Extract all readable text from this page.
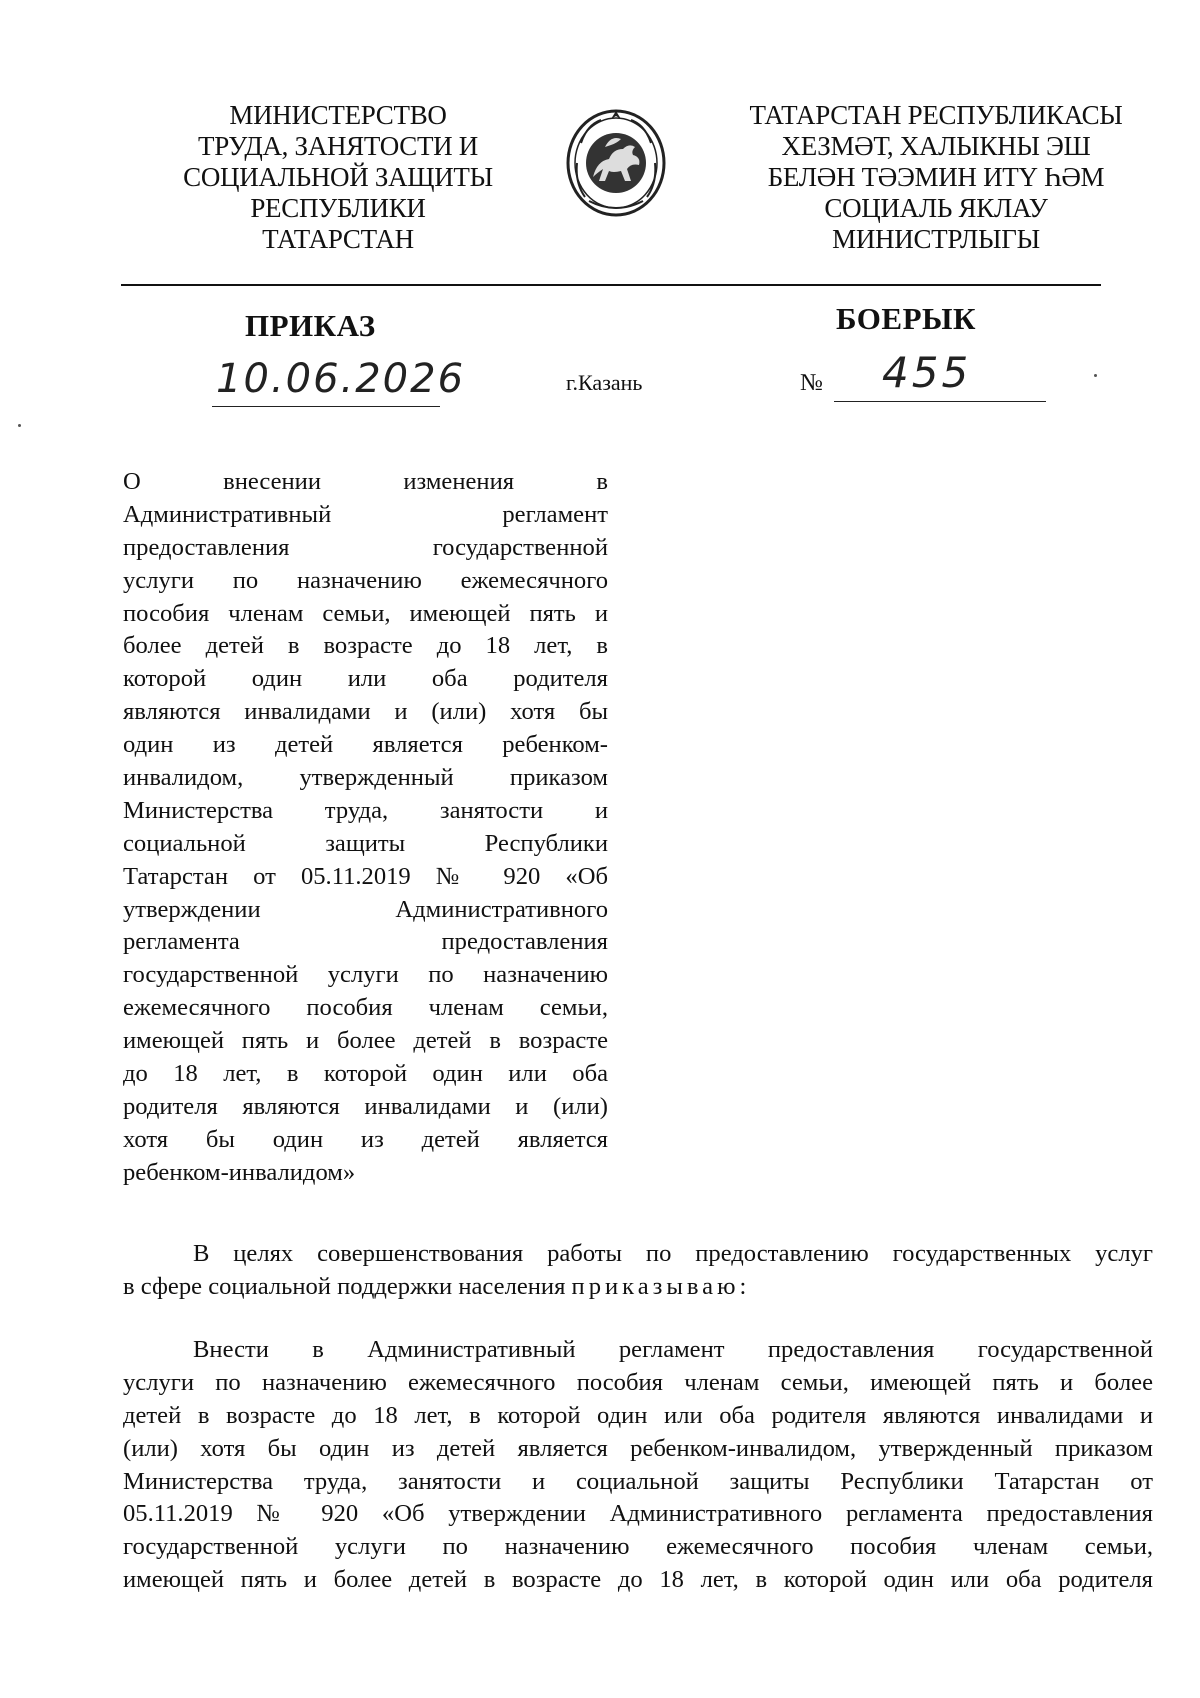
МИНИСТЕРСТВО
ТРУДА, ЗАНЯТОСТИ И
СОЦИАЛЬНОЙ ЗАЩИТЫ
РЕСПУБЛИКИ
ТАТАРСТАН
ТАТАРСТАН РЕСПУБЛИКАСЫ
ХЕЗМӘТ, ХАЛЫКНЫ ЭШ
БЕЛӘН ТӘЭМИН ИТҮ ҺӘМ
СОЦИАЛЬ ЯКЛАУ
МИНИСТРЛЫГЫ
ПРИКАЗ	БОЕРЫК
10.06.2026	г.Казань	№ 455
О внесении изменения в
Административный регламент
предоставления государственной
услуги по назначению ежемесячного
пособия членам семьи, имеющей пять и
более детей в возрасте до 18 лет, в
которой один или оба родителя
являются инвалидами и (или) хотя бы
один из детей является ребенком-
инвалидом, утвержденный приказом
Министерства труда, занятости и
социальной защиты Республики
Татарстан от 05.11.2019 № 920 «Об
утверждении Административного
регламента предоставления
государственной услуги по назначению
ежемесячного пособия членам семьи,
имеющей пять и более детей в возрасте
до 18 лет, в которой один или оба
родителя являются инвалидами и (или)
хотя бы один из детей является
ребенком-инвалидом»
В целях совершенствования работы по предоставлению государственных услуг
в сфере социальной поддержки населения приказываю:
Внести в Административный регламент предоставления государственной
услуги по назначению ежемесячного пособия членам семьи, имеющей пять и более
детей в возрасте до 18 лет, в которой один или оба родителя являются инвалидами и
(или) хотя бы один из детей является ребенком-инвалидом, утвержденный приказом
Министерства труда, занятости и социальной защиты Республики Татарстан от
05.11.2019 № 920 «Об утверждении Административного регламента предоставления
государственной услуги по назначению ежемесячного пособия членам семьи,
имеющей пять и более детей в возрасте до 18 лет, в которой один или оба родителя
